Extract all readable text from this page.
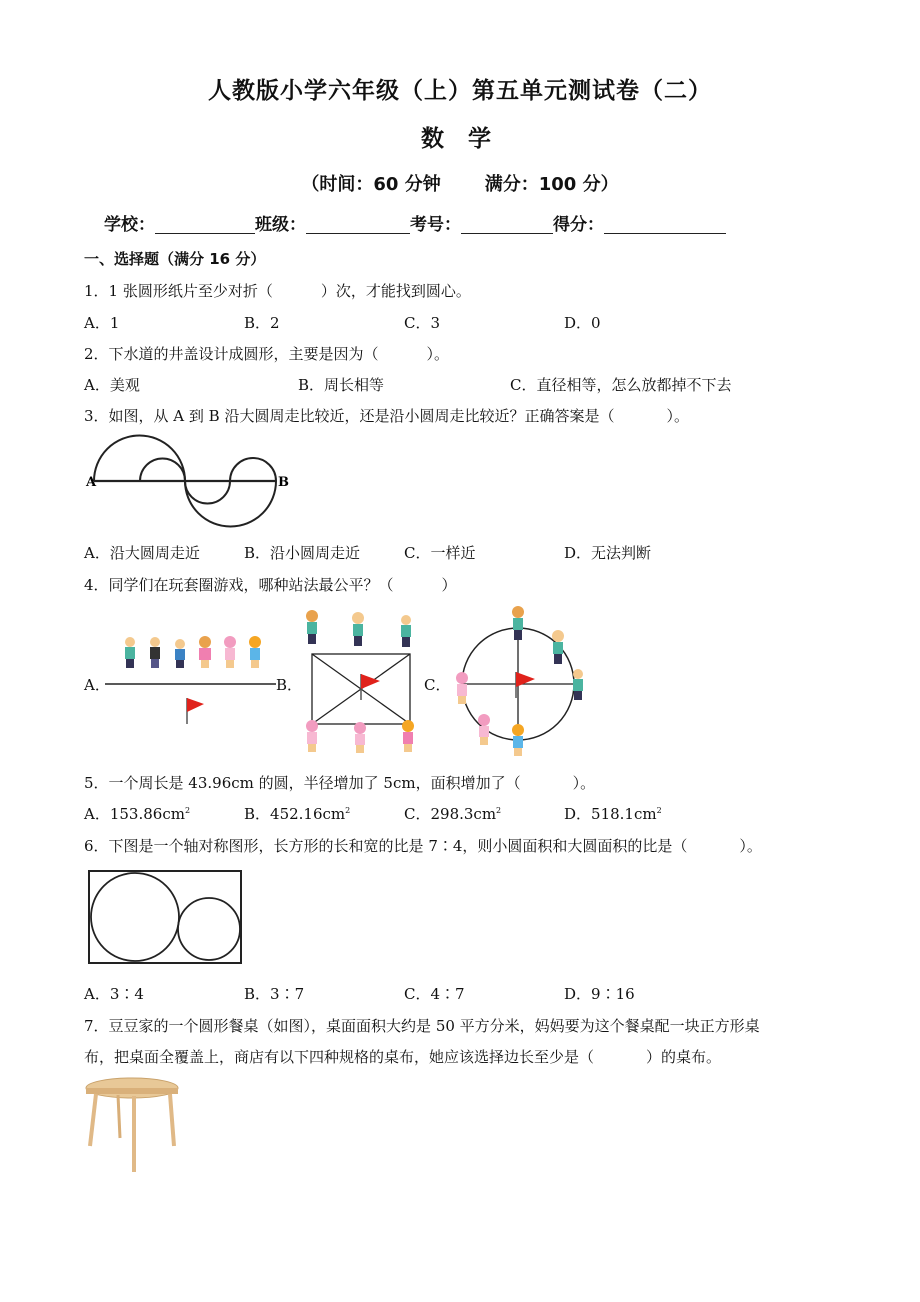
人教版小学六年级（上）第五单元测试卷（二）
数 学
（时间：60 分钟 满分：100 分）
学校：	班级：	考号：	得分：
一、选择题（满分 16 分）
1．1 张圆形纸片至少对折（	）次，才能找到圆心。
A．1	B．2	C．3	D．0
2．下水道的井盖设计成圆形，主要是因为（	）。
A．美观	B．周长相等	C．直径相等，怎么放都掉不下去
3．如图，从 A 到 B 沿大圆周走比较近，还是沿小圆周走比较近？正确答案是（	）。
A	B
A．沿大圆周走近	B．沿小圆周走近	C．一样近	D．无法判断
4．同学们在玩套圈游戏，哪种站法最公平？（	）
A．	B．	C．
5．一个周长是 43.96cm 的圆，半径增加了 5cm，面积增加了（	）。
A．$153.86cm^2$	B．$452.16cm^2$	C．$298.3cm^2$	D．$518.1cm^2$
6．下图是一个轴对称图形，长方形的长和宽的比是 7∶4，则小圆面积和大圆面积的比是（	）。
A．3∶4	B．3∶7	C．4∶7	D．9∶16
7．豆豆家的一个圆形餐桌（如图），桌面面积大约是 50 平方分米，妈妈要为这个餐桌配一块正方形桌
布，把桌面全覆盖上，商店有以下四种规格的桌布，她应该选择边长至少是（	）的桌布。
